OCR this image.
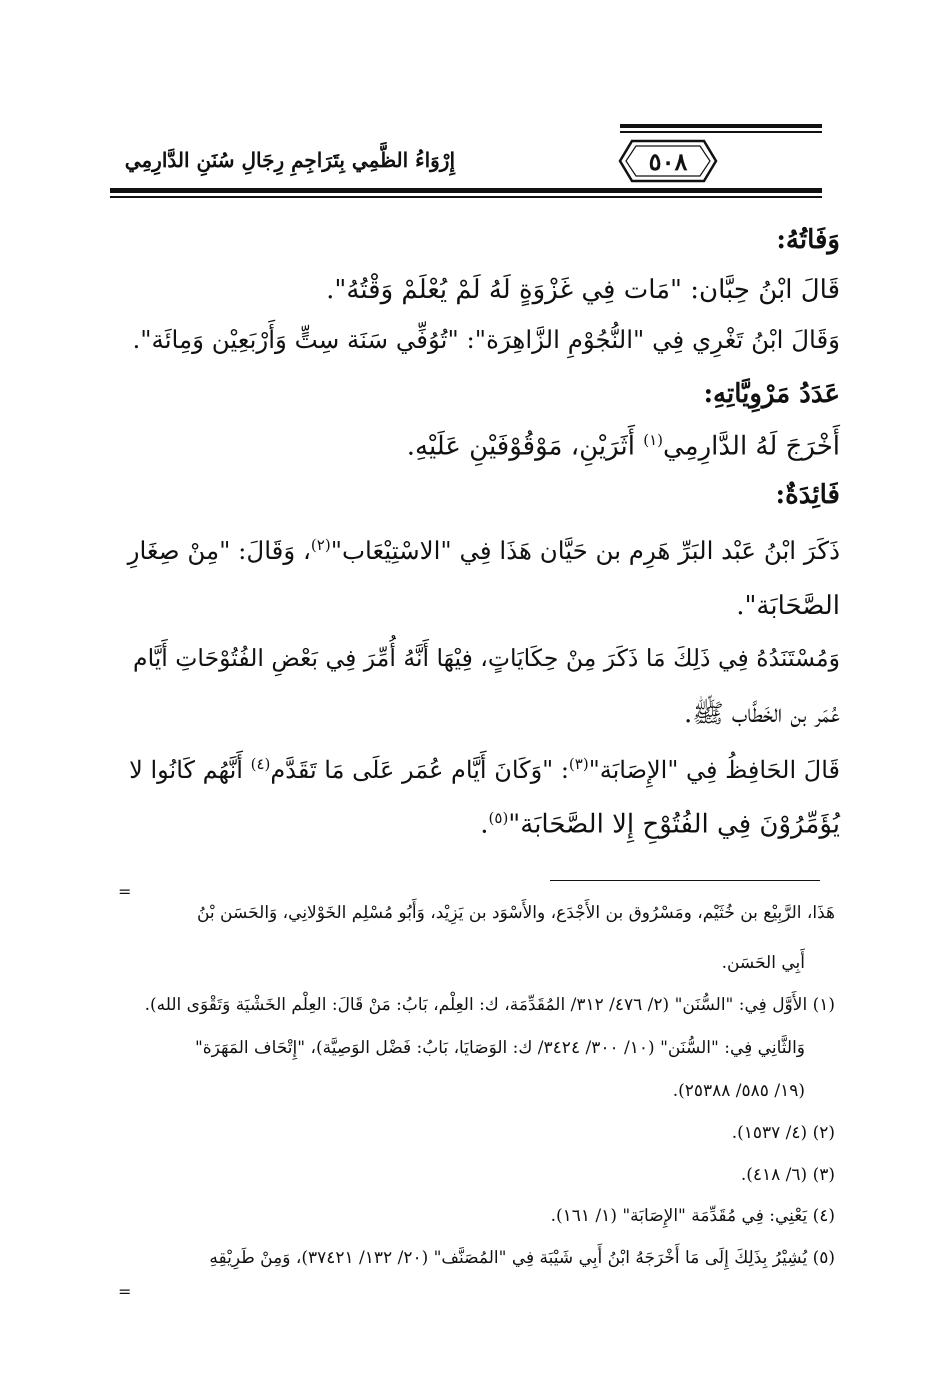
٥٠٨
إِرْوَاءُ الظَّمِي بِتَرَاجِمِ رِجَالِ سُنَنِ الدَّارِمِي
وَفَاتُهُ:
قَالَ ابْنُ حِبَّان: "مَات فِي غَزْوَةٍ لَهُ لَمْ يُعْلَمْ وَقْتُهُ".
وَقَالَ ابْنُ تَغْرِي فِي "النُّجُوْمِ الزَّاهِرَة": "تُوُفِّي سَنَة سِتٍّ وَأَرْبَعِيْن وَمِائَة".
عَدَدُ مَرْوِيَّاتِهِ:
أَخْرَجَ لَهُ الدَّارِمِي$^{(١)}$ أَثَرَيْنِ، مَوْقُوْفَيْنِ عَلَيْهِ.
فَائِدَةٌ:
ذَكَرَ ابْنُ عَبْد البَرِّ هَرِم بن حَيَّان هَذَا فِي "الاسْتِيْعَاب"$^{(٢)}$، وَقَالَ: "مِنْ صِغَارِ
الصَّحَابَة".
وَمُسْتَنَدُهُ فِي ذَلِكَ مَا ذَكَرَ مِنْ حِكَايَاتٍ، فِيْهَا أَنَّهُ أُمِّرَ فِي بَعْضِ الفُتُوْحَاتِ أَيَّام
عُمَر بن الخَطَّاب ﷺ.
قَالَ الحَافِظُ فِي "الإِصَابَة"$^{(٣)}$: "وَكَانَ أَيَّام عُمَر عَلَى مَا تَقَدَّم$^{(٤)}$ أَنَّهُم كَانُوا لا
يُؤَمِّرُوْنَ فِي الفُتُوْحِ إِلا الصَّحَابَة"$^{(٥)}$.
=
هَذَا، الرَّبِيْع بن خُثَيْم، ومَسْرُوق بن الأَجْدَع، والأَسْوَد بن يَزِيْد، وَأَبُو مُسْلِم الخَوْلانِي، وَالحَسَن بْنُ
أَبِي الحَسَن.
(١) الأَوَّل فِي: "السُّنَن" (٢/ ٤٧٦/ ٣١٢/ المُقَدِّمَة، ك: العِلْم، بَابُ: مَنْ قَالَ: العِلْم الخَشْيَة وَتَقْوَى الله).
وَالثَّانِي فِي: "السُّنَن" (١٠/ ٣٠٠/ ٣٤٢٤/ ك: الوَصَايَا، بَابُ: فَضْل الوَصِيَّة)، "إِتْحَاف المَهَرَة"
(١٩/ ٥٨٥/ ٢٥٣٨٨).
(٢) (٤/ ١٥٣٧).
(٣) (٦/ ٤١٨).
(٤) يَعْنِي: فِي مُقَدِّمَة "الإِصَابَة" (١/ ١٦١).
(٥) يُشِيْرُ بِذَلِكَ إِلَى مَا أَخْرَجَهُ ابْنُ أَبِي شَيْبَة فِي "المُصَنَّف" (٢٠/ ١٣٢/ ٣٧٤٢١)، وَمِنْ طَرِيْقِهِ
=
